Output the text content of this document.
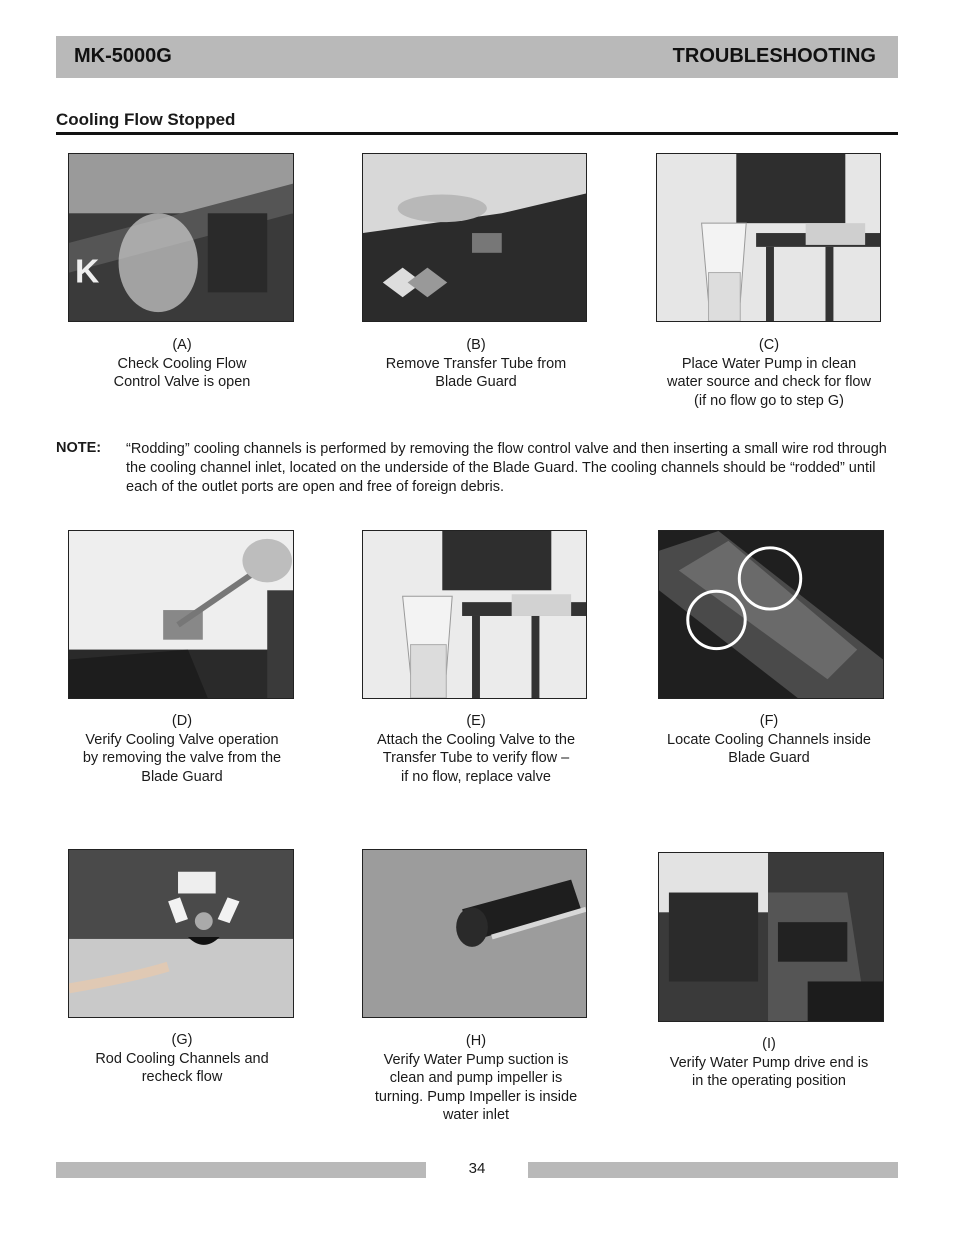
MK-5000G	TROUBLESHOOTING
Cooling Flow Stopped
K
(A)
Check Cooling Flow
Control Valve is open
(B)
Remove Transfer Tube from
Blade Guard
(C)
Place Water Pump in clean
water source and check for flow
(if no flow go to step G)
NOTE: “Rodding” cooling channels is performed by removing the flow control valve and then inserting a small wire rod through the cooling channel inlet, located on the underside of the Blade Guard. The cooling channels should be “rodded” until each of the outlet ports are open and free of foreign debris.
(D)
Verify Cooling Valve operation
by removing the valve from the
Blade Guard
(E)
Attach the Cooling Valve to the
Transfer Tube to verify flow –
if no flow, replace valve
(F)
Locate Cooling Channels inside
Blade Guard
(G)
Rod Cooling Channels and
recheck flow
(H)
Verify Water Pump suction is
clean and pump impeller is
turning. Pump Impeller is inside
water inlet
(I)
Verify Water Pump drive end is
in the operating position
34
